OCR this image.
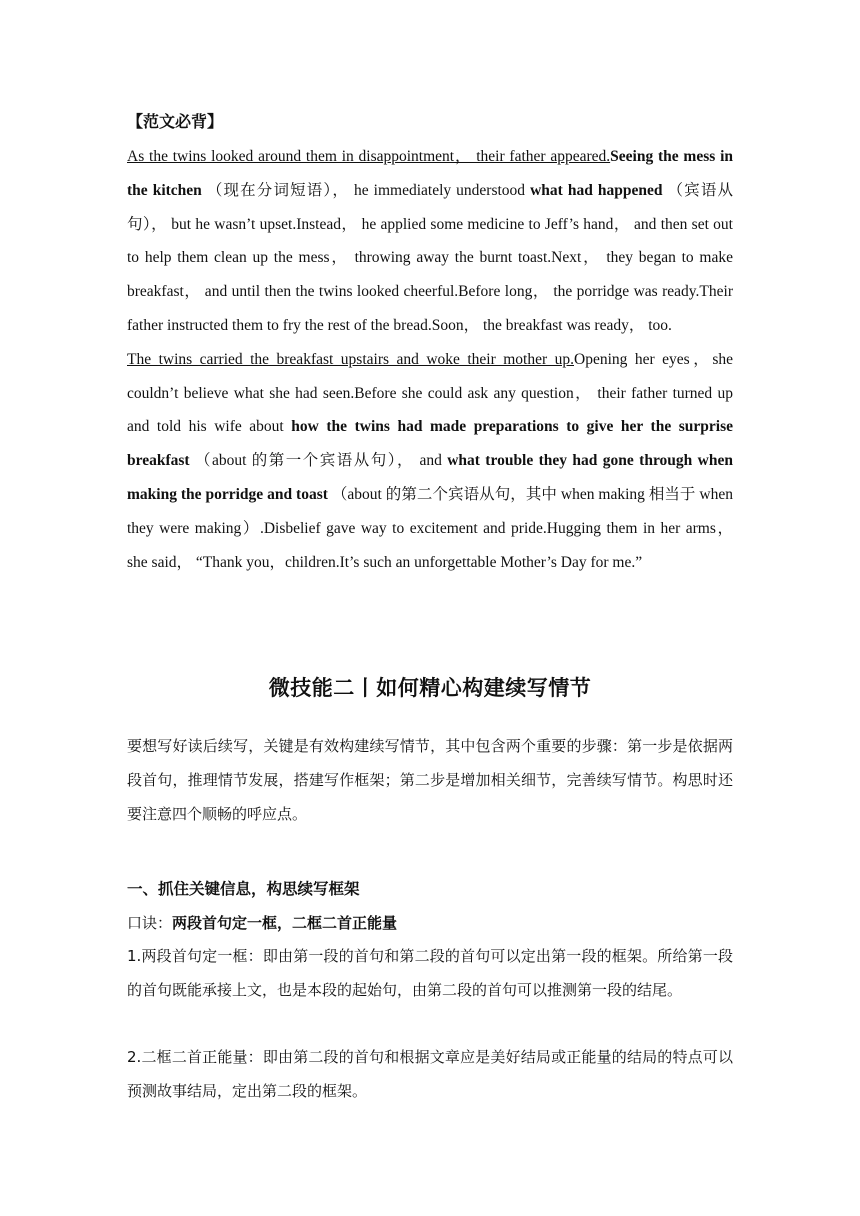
【范文必背】

As the twins looked around them in disappointment， their father appeared.Seeing the mess in the kitchen （现在分词短语）， he immediately understood what had happened （宾语从句）， but he wasn’t upset.Instead， he applied some medicine to Jeff’s hand， and then set out to help them clean up the mess， throwing away the burnt toast.Next， they began to make breakfast， and until then the twins looked cheerful.Before long， the porridge was ready.Their father instructed them to fry the rest of the bread.Soon， the breakfast was ready， too.

The twins carried the breakfast upstairs and woke their mother up.Opening her eyes，she couldn’t believe what she had seen.Before she could ask any question， their father turned up and told his wife about how the twins had made preparations to give her the surprise breakfast （about 的第一个宾语从句）， and what trouble they had gone through when making the porridge and toast （about 的第二个宾语从句，其中 when making 相当于 when they were making）.Disbelief gave way to excitement and pride.Hugging them in her arms， she said， “Thank you，children.It’s such an unforgettable Mother’s Day for me.”

微技能二丨如何精心构建续写情节

要想写好读后续写，关键是有效构建续写情节，其中包含两个重要的步骤：第一步是依据两段首句，推理情节发展，搭建写作框架；第二步是增加相关细节，完善续写情节。构思时还要注意四个顺畅的呼应点。

一、抓住关键信息，构思续写框架

口诀：两段首句定一框，二框二首正能量

1.两段首句定一框：即由第一段的首句和第二段的首句可以定出第一段的框架。所给第一段的首句既能承接上文，也是本段的起始句，由第二段的首句可以推测第一段的结尾。

2.二框二首正能量：即由第二段的首句和根据文章应是美好结局或正能量的结局的特点可以预测故事结局，定出第二段的框架。
